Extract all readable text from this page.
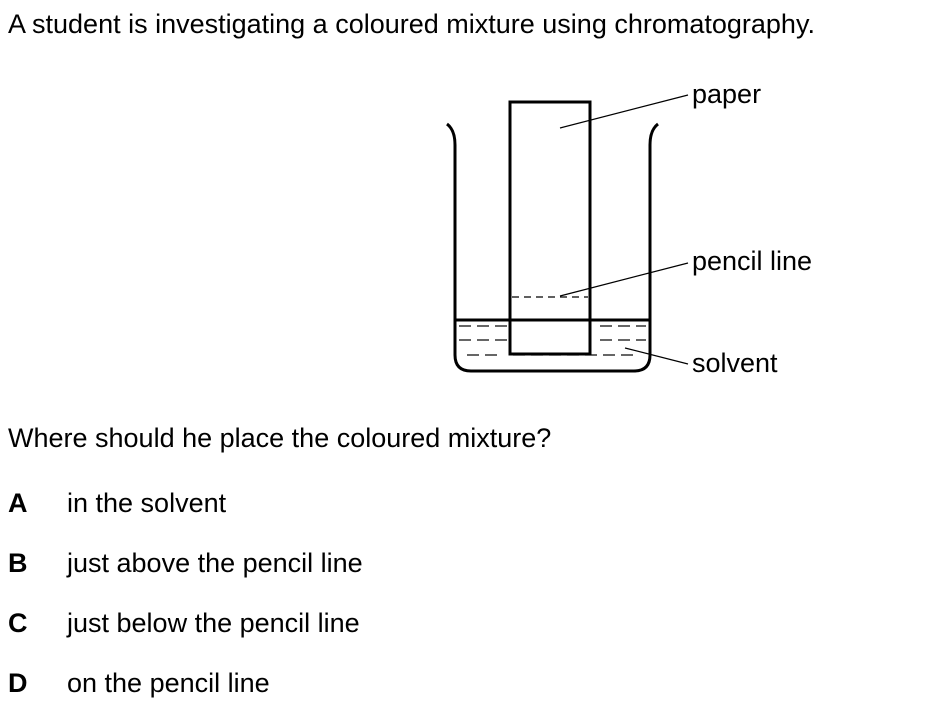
A student is investigating a coloured mixture using chromatography.
paper
pencil line
solvent
Where should he place the coloured mixture?
A in the solvent
B just above the pencil line
C just below the pencil line
D on the pencil line
